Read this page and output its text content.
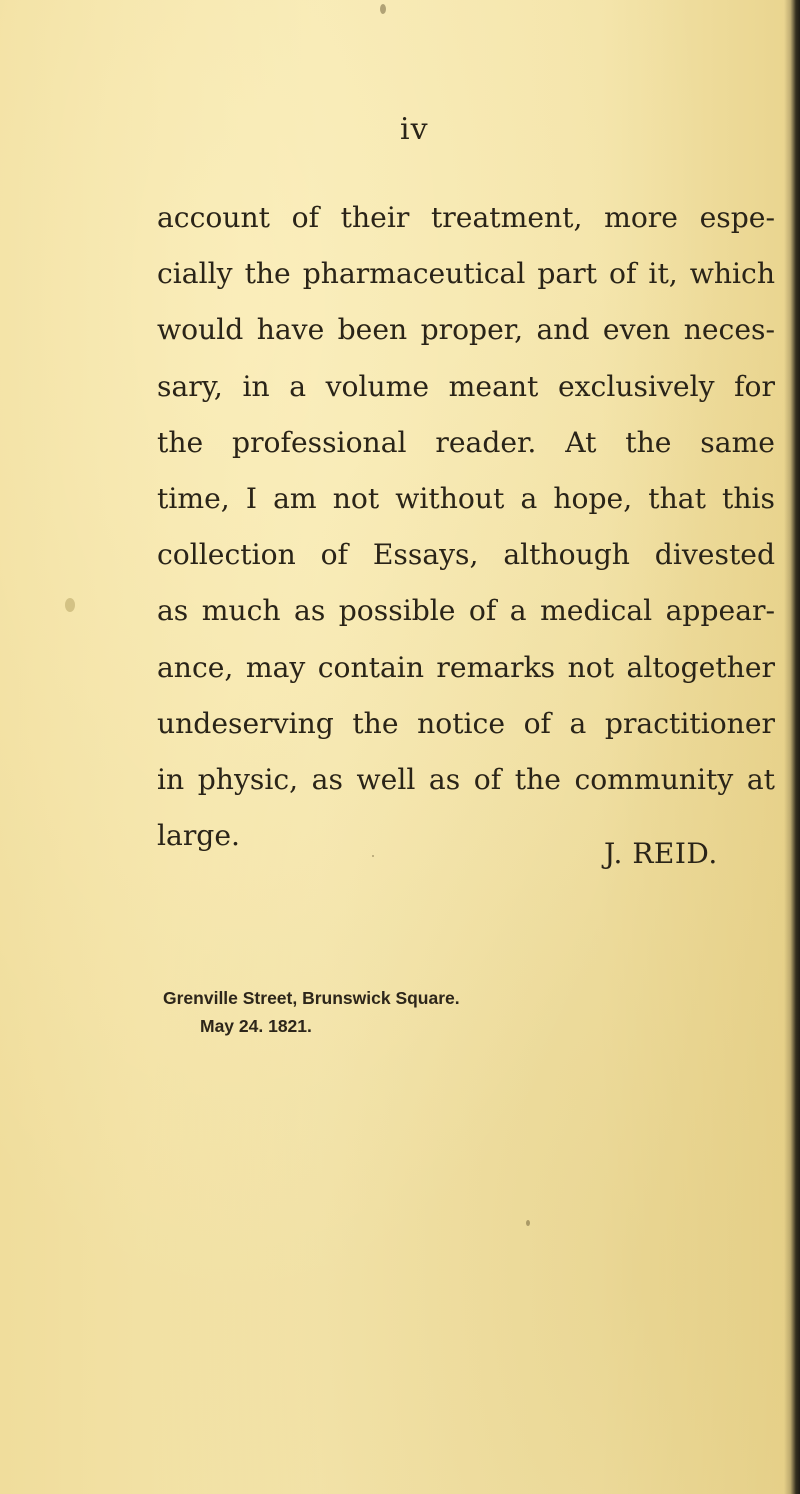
iv
account of their treatment, more espe-
cially the pharmaceutical part of it, which
would have been proper, and even neces-
sary, in a volume meant exclusively for
the professional reader. At the same
time, I am not without a hope, that this
collection of Essays, although divested
as much as possible of a medical appear-
ance, may contain remarks not altogether
undeserving the notice of a practitioner
in physic, as well as of the community at
large.
J. REID.
Grenville Street, Brunswick Square.
May 24. 1821.
